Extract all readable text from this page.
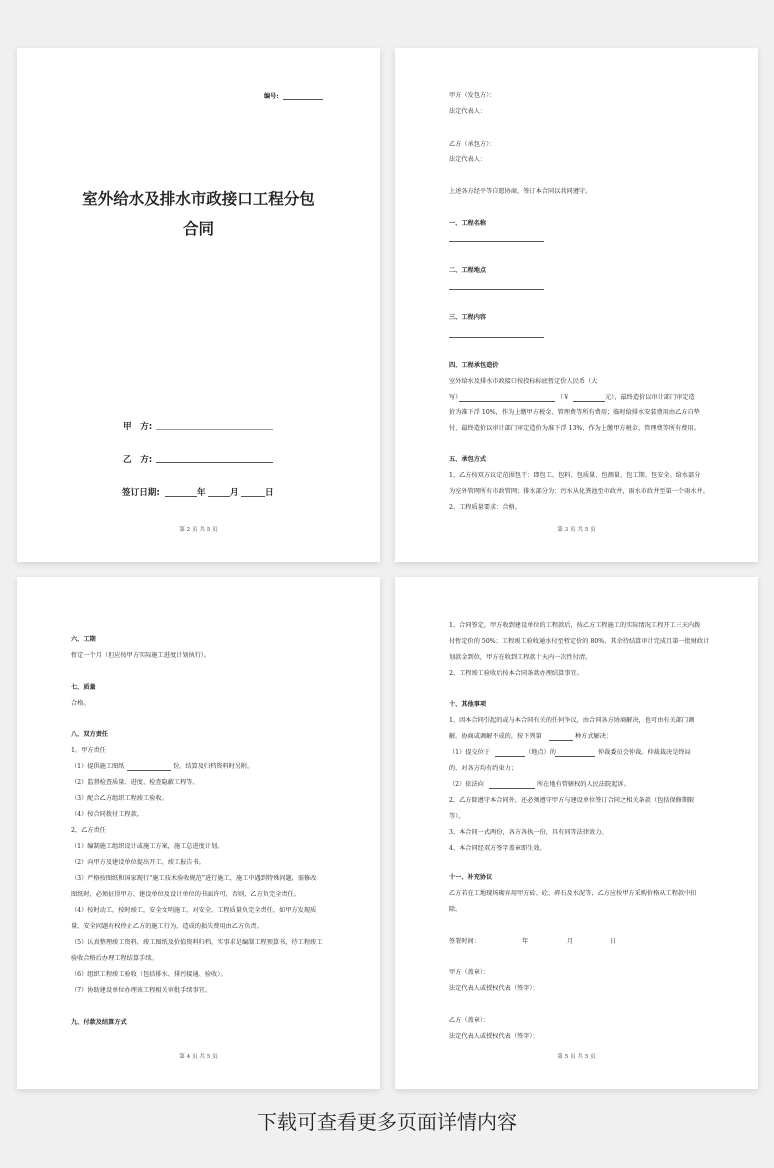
编号:
室外给水及排水市政接口工程分包
合同
甲　方:
乙　方:
签订日期:	年	月	日
第 2 页 共 5 页
甲方（发包方）：
法定代表人：
乙方（承包方）：
法定代表人：
上述各方经平等自愿协商，签订本合同以共同遵守。
一、工程名称
二、工程地点
三、工程内容
四、工程承包造价
室外给水及排水市政接口按投标标底暂定价人民币（大
写）	（￥	元），最终造价以审计部门审定造
价为准下浮 10%，作为上缴甲方税金、管理费等所有费用；临时给排水安装费用由乙方自垫
付，最终造价以审计部门审定造价为准下浮 13%，作为上缴甲方税金、管理费等所有费用。
五、承包方式
1、乙方按双方议定范围包干：即包工、包料、包质量、包测量、包工期、包安全。给水部分
为室外管网所有市政管网；排水部分为：污水从化粪池至市政井，雨水市政井至第一个雨水井。
2、工程质量要求：合格。
第 3 页 共 5 页
六、工期
暂定一个月（但应按甲方实际施工进度计划执行）。
七、质量
合格。
八、双方责任
1、甲方责任
（1）提供施工图纸	份，结算及归档资料时另附。
（2）监督检查质量、进度、检查隐蔽工程等。
（3）配合乙方组织工程竣工验收。
（4）按合同拨付工程款。
2、乙方责任
（1）编制施工组织设计或施工方案，施工总进度计划。
（2）向甲方及建设单位提出开工、竣工报告书。
（3）严格按图纸和国家现行“施工技术验收规范”进行施工，施工中遇到特殊问题，需修改
图纸时，必须征得甲方、建设单位及设计单位的书面许可，否则，乙方负完全责任。
（4）按时动工，按时竣工，安全文明施工，对安全、工程质量负完全责任，如甲方发现质
量、安全问题有权停止乙方的施工行为，造成的损失费用由乙方负责。
（5）认真整理竣工资料，竣工图纸及价值资料归档，实事求是编制工程预算书，待工程竣工
验收合格后办理工程结算手续。
（6）组织工程竣工验收（包括排水、排污接通、验收）。
（7）协助建设单位办理该工程相关审批手续事宜。
九、付款及结算方式
第 4 页 共 5 页
1、合同签定，甲方收到建设单位的工程款后，按乙方工程施工的实际情况工程开工三天内拨
付暂定价的 50%；工程竣工验收通水付至暂定价的 80%，其余待结算审计完成且第一批财政计
划款金到位，甲方在收到工程款十天内一次性付清。
2、工程竣工验收后按本合同条款办理结算事宜。
十、其他事项
1、因本合同引起的或与本合同有关的任何争议，由合同各方协商解决，也可由有关部门调
解。协商或调解不成的，按下列第	种方式解决：
（1）提交位于	（地点）的	仲裁委员会仲裁。仲裁裁决是终局
的，对各方均有约束力；
（2）依法向	所在地有管辖权的人民法院起诉。
2、乙方除遵守本合同外，还必须遵守甲方与建设单位签订合同之相关条款（包括保修期限
等）。
3、本合同一式两份，各方各执一份，具有同等法律效力。
4、本合同经双方签字盖章即生效。
十一、补充协议
乙方若在工地现场砌弃用甲方砖、砼、碎石及水泥等，乙方应按甲方采购价格从工程款中扣
除。
签署时间：	年	月	日
甲方（盖章）：
法定代表人或授权代表（签字）：
乙方（盖章）：
法定代表人或授权代表（签字）：
第 5 页 共 5 页
下载可查看更多页面详情内容
